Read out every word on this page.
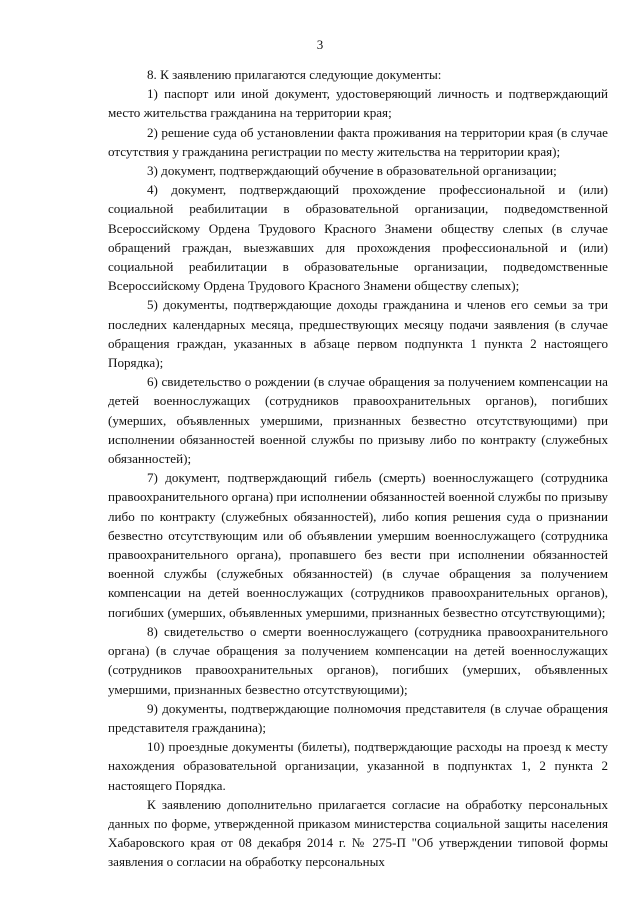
3

8. К заявлению прилагаются следующие документы:

1) паспорт или иной документ, удостоверяющий личность и подтверждающий место жительства гражданина на территории края;

2) решение суда об установлении факта проживания на территории края (в случае отсутствия у гражданина регистрации по месту жительства на территории края);

3) документ, подтверждающий обучение в образовательной организации;

4) документ, подтверждающий прохождение профессиональной и (или) социальной реабилитации в образовательной организации, подведомственной Всероссийскому Ордена Трудового Красного Знамени обществу слепых (в случае обращений граждан, выезжавших для прохождения профессиональной и (или) социальной реабилитации в образовательные организации, подведомственные Всероссийскому Ордена Трудового Красного Знамени обществу слепых);

5) документы, подтверждающие доходы гражданина и членов его семьи за три последних календарных месяца, предшествующих месяцу подачи заявления (в случае обращения граждан, указанных в абзаце первом подпункта 1 пункта 2 настоящего Порядка);

6) свидетельство о рождении (в случае обращения за получением компенсации на детей военнослужащих (сотрудников правоохранительных органов), погибших (умерших, объявленных умершими, признанных безвестно отсутствующими) при исполнении обязанностей военной службы по призыву либо по контракту (служебных обязанностей);

7) документ, подтверждающий гибель (смерть) военнослужащего (сотрудника правоохранительного органа) при исполнении обязанностей военной службы по призыву либо по контракту (служебных обязанностей), либо копия решения суда о признании безвестно отсутствующим или об объявлении умершим военнослужащего (сотрудника правоохранительного органа), пропавшего без вести при исполнении обязанностей военной службы (служебных обязанностей) (в случае обращения за получением компенсации на детей военнослужащих (сотрудников правоохранительных органов), погибших (умерших, объявленных умершими, признанных безвестно отсутствующими);

8) свидетельство о смерти военнослужащего (сотрудника правоохранительного органа) (в случае обращения за получением компенсации на детей военнослужащих (сотрудников правоохранительных органов), погибших (умерших, объявленных умершими, признанных безвестно отсутствующими);

9) документы, подтверждающие полномочия представителя (в случае обращения представителя гражданина);

10) проездные документы (билеты), подтверждающие расходы на проезд к месту нахождения образовательной организации, указанной в подпунктах 1, 2 пункта 2 настоящего Порядка.

К заявлению дополнительно прилагается согласие на обработку персональных данных по форме, утвержденной приказом министерства социальной защиты населения Хабаровского края от 08 декабря 2014 г. № 275-П "Об утверждении типовой формы заявления о согласии на обработку персональных
